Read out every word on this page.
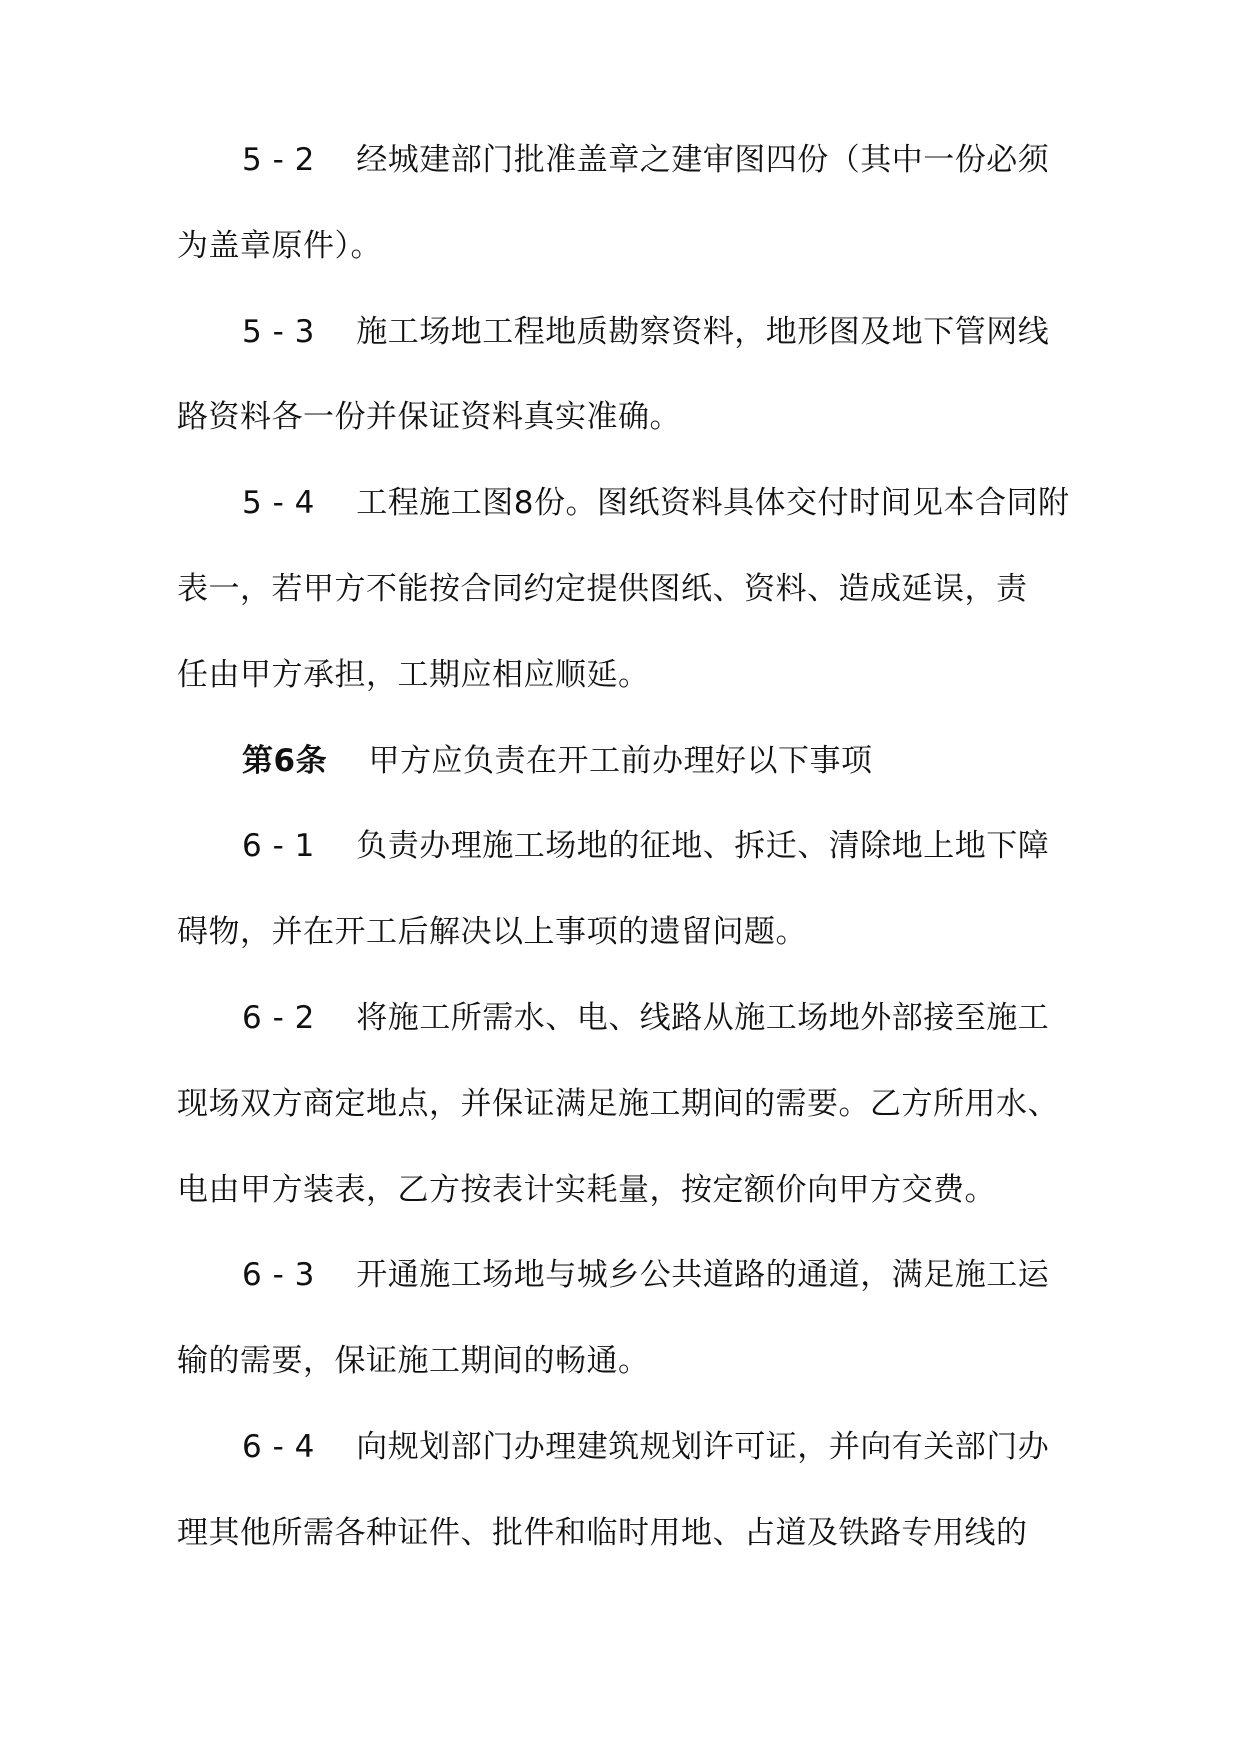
5 - 2    经城建部门批准盖章之建审图四份（其中一份必须
为盖章原件）。
5 - 3    施工场地工程地质勘察资料，地形图及地下管网线
路资料各一份并保证资料真实准确。
5 - 4    工程施工图8份。图纸资料具体交付时间见本合同附
表一，若甲方不能按合同约定提供图纸、资料、造成延误，责
任由甲方承担，工期应相应顺延。
第6条 甲方应负责在开工前办理好以下事项
6 - 1    负责办理施工场地的征地、拆迁、清除地上地下障
碍物，并在开工后解决以上事项的遗留问题。
6 - 2    将施工所需水、电、线路从施工场地外部接至施工
现场双方商定地点，并保证满足施工期间的需要。乙方所用水、
电由甲方装表，乙方按表计实耗量，按定额价向甲方交费。
6 - 3    开通施工场地与城乡公共道路的通道，满足施工运
输的需要，保证施工期间的畅通。
6 - 4    向规划部门办理建筑规划许可证，并向有关部门办
理其他所需各种证件、批件和临时用地、占道及铁路专用线的
